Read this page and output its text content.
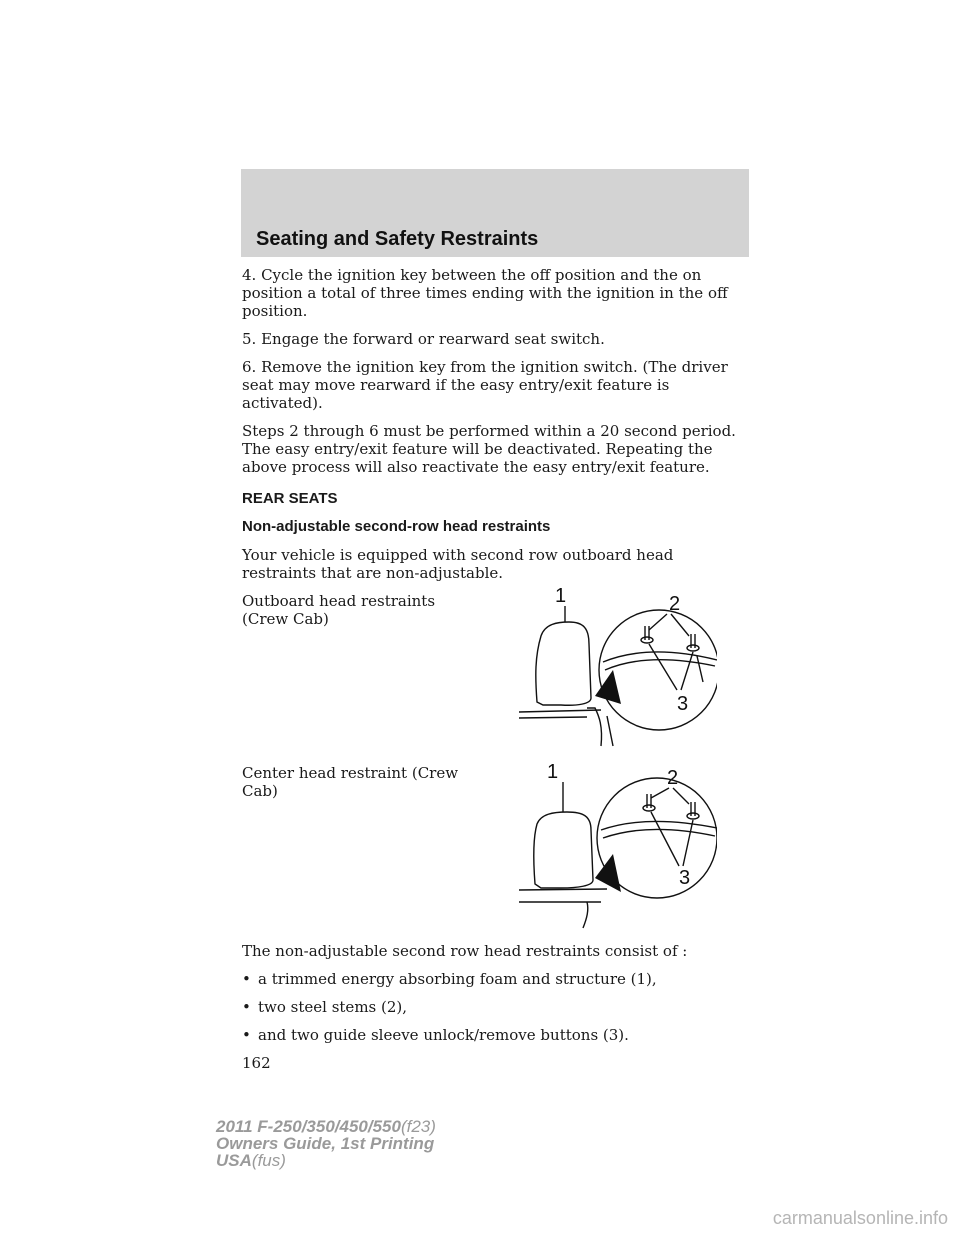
Seating and Safety Restraints

4. Cycle the ignition key between the off position and the on position a total of three times ending with the ignition in the off position.

5. Engage the forward or rearward seat switch.

6. Remove the ignition key from the ignition switch. (The driver seat may move rearward if the easy entry/exit feature is activated).

Steps 2 through 6 must be performed within a 20 second period. The easy entry/exit feature will be deactivated. Repeating the above process will also reactivate the easy entry/exit feature.

REAR SEATS
Non-adjustable second-row head restraints

Your vehicle is equipped with second row outboard head restraints that are non-adjustable.

Outboard head restraints (Crew Cab)

1	2
3

Center head restraint (Crew Cab)

1	2
3

The non-adjustable second row head restraints consist of :

• a trimmed energy absorbing foam and structure (1),
• two steel stems (2),
• and two guide sleeve unlock/remove buttons (3).
162
2011 F-250/350/450/550(f23)
Owners Guide, 1st Printing
USA(fus)
carmanualsonline.info
